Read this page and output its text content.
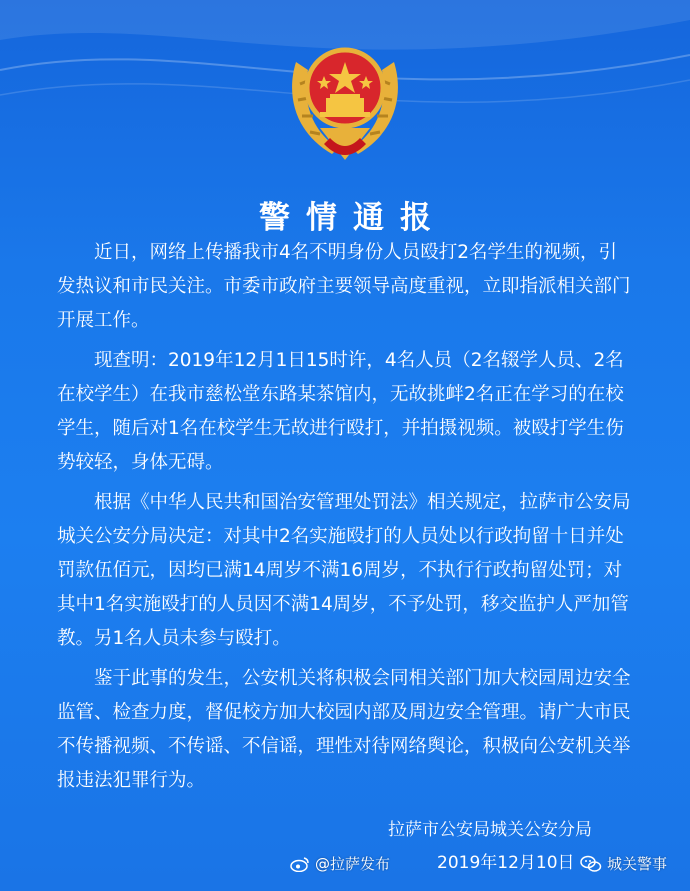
警情通报

近日，网络上传播我市4名不明身份人员殴打2名学生的视频，引发热议和市民关注。市委市政府主要领导高度重视，立即指派相关部门开展工作。

现查明：2019年12月1日15时许，4名人员（2名辍学人员、2名在校学生）在我市慈松堂东路某茶馆内，无故挑衅2名正在学习的在校学生，随后对1名在校学生无故进行殴打，并拍摄视频。被殴打学生伤势较轻，身体无碍。

根据《中华人民共和国治安管理处罚法》相关规定，拉萨市公安局城关公安分局决定：对其中2名实施殴打的人员处以行政拘留十日并处罚款伍佰元，因均已满14周岁不满16周岁，不执行行政拘留处罚；对其中1名实施殴打的人员因不满14周岁，不予处罚，移交监护人严加管教。另1名人员未参与殴打。

鉴于此事的发生，公安机关将积极会同相关部门加大校园周边安全监管、检查力度，督促校方加大校园内部及周边安全管理。请广大市民不传播视频、不传谣、不信谣，理性对待网络舆论，积极向公安机关举报违法犯罪行为。

拉萨市公安局城关公安分局
2019年12月10日
@拉萨发布	城关警事
